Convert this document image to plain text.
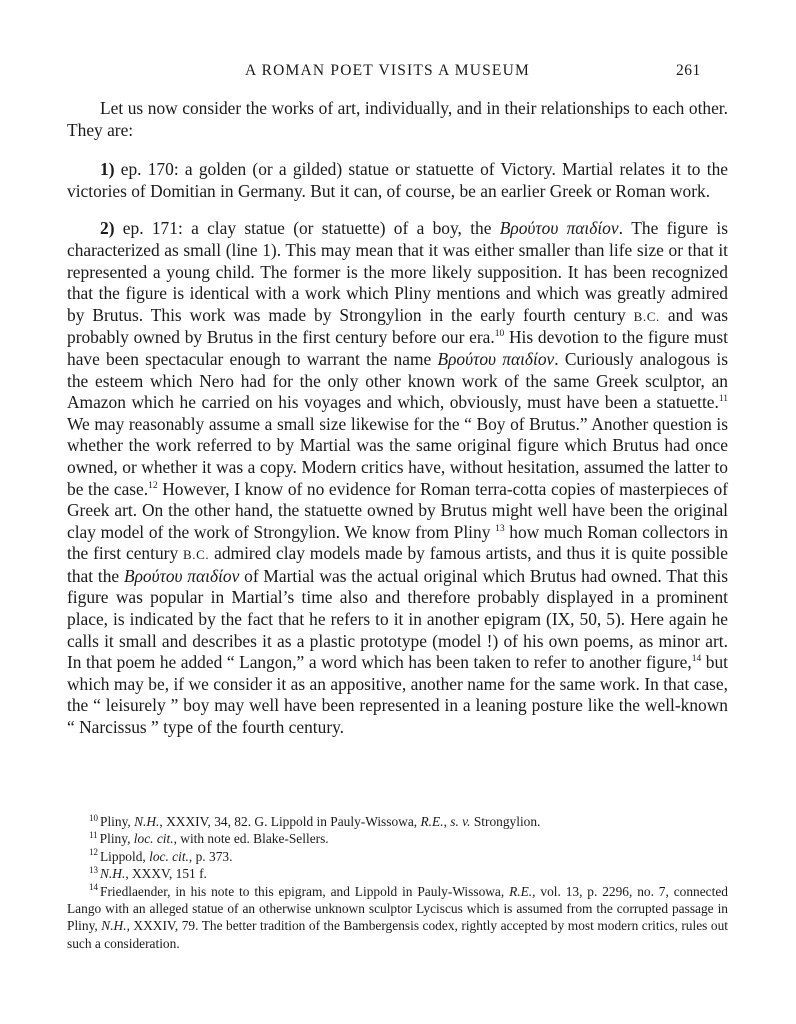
A ROMAN POET VISITS A MUSEUM	261

Let us now consider the works of art, individually, and in their relationships to each other. They are:

1) ep. 170: a golden (or a gilded) statue or statuette of Victory. Martial relates it to the victories of Domitian in Germany. But it can, of course, be an earlier Greek or Roman work.

2) ep. 171: a clay statue (or statuette) of a boy, the Βρούτου παιδίον. The figure is characterized as small (line 1). This may mean that it was either smaller than life size or that it represented a young child. The former is the more likely supposition. It has been recognized that the figure is identical with a work which Pliny mentions and which was greatly admired by Brutus. This work was made by Strongylion in the early fourth century B.C. and was probably owned by Brutus in the first century before our era.$^{10}$ His devotion to the figure must have been spectacular enough to warrant the name Βρούτου παιδίον. Curiously analogous is the esteem which Nero had for the only other known work of the same Greek sculptor, an Amazon which he carried on his voyages and which, obviously, must have been a statuette.$^{11}$ We may reasonably assume a small size likewise for the “ Boy of Brutus.” Another question is whether the work referred to by Martial was the same original figure which Brutus had once owned, or whether it was a copy. Modern critics have, without hesitation, assumed the latter to be the case.$^{12}$ However, I know of no evidence for Roman terra-cotta copies of masterpieces of Greek art. On the other hand, the statuette owned by Brutus might well have been the original clay model of the work of Strongylion. We know from Pliny $^{13}$ how much Roman collectors in the first century B.C. admired clay models made by famous artists, and thus it is quite possible that the Βρούτου παιδίον of Martial was the actual original which Brutus had owned. That this figure was popular in Martial’s time also and therefore probably displayed in a prominent place, is indicated by the fact that he refers to it in another epigram (IX, 50, 5). Here again he calls it small and describes it as a plastic prototype (model !) of his own poems, as minor art. In that poem he added “ Langon,” a word which has been taken to refer to another figure,$^{14}$ but which may be, if we consider it as an appositive, another name for the same work. In that case, the “ leisurely ” boy may well have been represented in a leaning posture like the well-known “ Narcissus ” type of the fourth century.

$^{10}$ Pliny, N.H., XXXIV, 34, 82. G. Lippold in Pauly-Wissowa, R.E., s. v. Strongylion.

$^{11}$ Pliny, loc. cit., with note ed. Blake-Sellers.

$^{12}$ Lippold, loc. cit., p. 373.

$^{13}$ N.H., XXXV, 151 f.

$^{14}$ Friedlaender, in his note to this epigram, and Lippold in Pauly-Wissowa, R.E., vol. 13, p. 2296, no. 7, connected Lango with an alleged statue of an otherwise unknown sculptor Lyciscus which is assumed from the corrupted passage in Pliny, N.H., XXXIV, 79. The better tradition of the Bambergensis codex, rightly accepted by most modern critics, rules out such a consideration.
